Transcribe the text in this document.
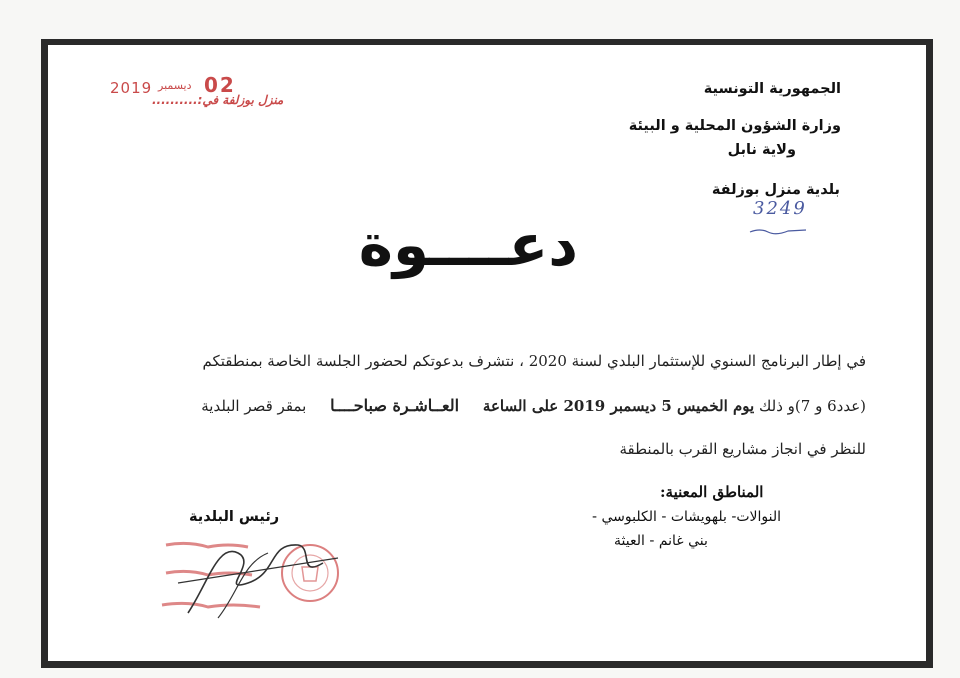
الجمهورية التونسية
وزارة الشؤون المحلية و البيئة
ولاية نابل
بلدية منزل بوزلفة
3249
2019 ديسمبر 02
منزل بوزلفة في:..........
دعــــوة
في إطار البرنامج السنوي للإستثمار البلدي لسنة 2020 ، نتشرف بدعوتكم لحضور الجلسة الخاصة بمنطقتكم
(عدد6 و 7)و ذلك يوم الخميس 5 ديسمبر 2019 على الساعة     العــاشـرة صباحــــا     بمقر قصر البلدية
للنظر في انجاز مشاريع القرب بالمنطقة
المناطق المعنية:
النوالات- بلهويشات - الكلبوسي -
بني غانم - العيثة
رئيس البلدية
